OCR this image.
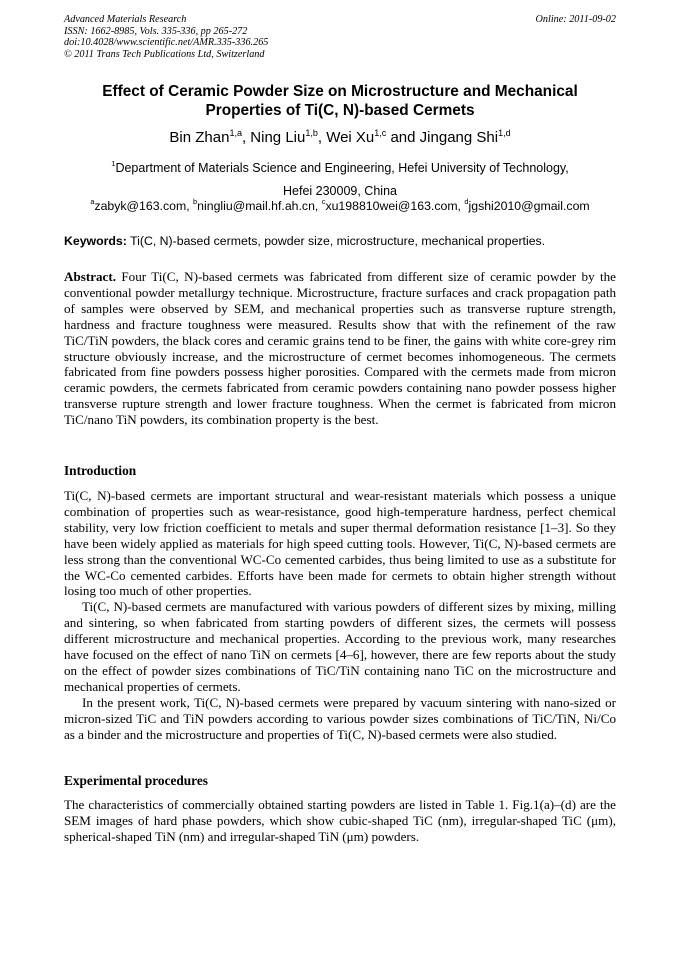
Advanced Materials Research
ISSN: 1662-8985, Vols. 335-336, pp 265-272
doi:10.4028/www.scientific.net/AMR.335-336.265
© 2011 Trans Tech Publications Ltd, Switzerland
Online: 2011-09-02
Effect of Ceramic Powder Size on Microstructure and Mechanical
Properties of Ti(C, N)-based Cermets
Bin Zhan$^{1,a}$, Ning Liu$^{1,b}$, Wei Xu$^{1,c}$ and Jingang Shi$^{1,d}$
$^1$Department of Materials Science and Engineering, Hefei University of Technology,
Hefei 230009, China
$^a$zabyk@163.com, $^b$ningliu@mail.hf.ah.cn, $^c$xu198810wei@163.com, $^d$jgshi2010@gmail.com
Keywords: Ti(C, N)-based cermets, powder size, microstructure, mechanical properties.
Abstract. Four Ti(C, N)-based cermets was fabricated from different size of ceramic powder by the conventional powder metallurgy technique. Microstructure, fracture surfaces and crack propagation path of samples were observed by SEM, and mechanical properties such as transverse rupture strength, hardness and fracture toughness were measured. Results show that with the refinement of the raw TiC/TiN powders, the black cores and ceramic grains tend to be finer, the gains with white core-grey rim structure obviously increase, and the microstructure of cermet becomes inhomogeneous. The cermets fabricated from fine powders possess higher porosities. Compared with the cermets made from micron ceramic powders, the cermets fabricated from ceramic powders containing nano powder possess higher transverse rupture strength and lower fracture toughness. When the cermet is fabricated from micron TiC/nano TiN powders, its combination property is the best.
Introduction

Ti(C, N)-based cermets are important structural and wear-resistant materials which possess a unique combination of properties such as wear-resistance, good high-temperature hardness, perfect chemical stability, very low friction coefficient to metals and super thermal deformation resistance [1–3]. So they have been widely applied as materials for high speed cutting tools. However, Ti(C, N)-based cermets are less strong than the conventional WC-Co cemented carbides, thus being limited to use as a substitute for the WC-Co cemented carbides. Efforts have been made for cermets to obtain higher strength without losing too much of other properties.

Ti(C, N)-based cermets are manufactured with various powders of different sizes by mixing, milling and sintering, so when fabricated from starting powders of different sizes, the cermets will possess different microstructure and mechanical properties. According to the previous work, many researches have focused on the effect of nano TiN on cermets [4–6], however, there are few reports about the study on the effect of powder sizes combinations of TiC/TiN containing nano TiC on the microstructure and mechanical properties of cermets.

In the present work, Ti(C, N)-based cermets were prepared by vacuum sintering with nano-sized or micron-sized TiC and TiN powders according to various powder sizes combinations of TiC/TiN, Ni/Co as a binder and the microstructure and properties of Ti(C, N)-based cermets were also studied.

Experimental procedures

The characteristics of commercially obtained starting powders are listed in Table 1. Fig.1(a)–(d) are the SEM images of hard phase powders, which show cubic-shaped TiC (nm), irregular-shaped TiC (μm), spherical-shaped TiN (nm) and irregular-shaped TiN (μm) powders.
